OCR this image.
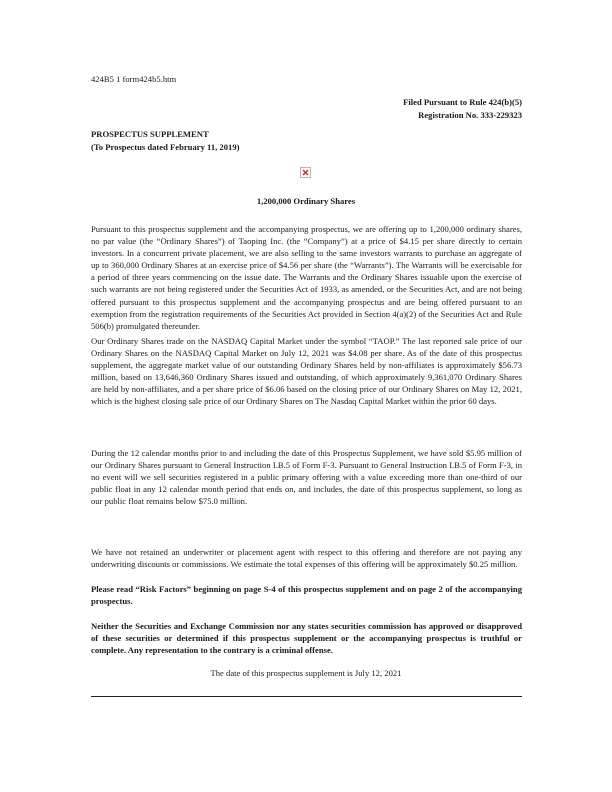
424B5 1 form424b5.htm
Filed Pursuant to Rule 424(b)(5)
Registration No. 333-229323
PROSPECTUS SUPPLEMENT
(To Prospectus dated February 11, 2019)
1,200,000 Ordinary Shares

Pursuant to this prospectus supplement and the accompanying prospectus, we are offering up to 1,200,000 ordinary shares, no par value (the “Ordinary Shares”) of Taoping Inc. (the “Company”) at a price of $4.15 per share directly to certain investors. In a concurrent private placement, we are also selling to the same investors warrants to purchase an aggregate of up to 360,000 Ordinary Shares at an exercise price of $4.56 per share (the “Warrants”). The Warrants will be exercisable for a period of three years commencing on the issue date. The Warrants and the Ordinary Shares issuable upon the exercise of such warrants are not being registered under the Securities Act of 1933, as amended, or the Securities Act, and are not being offered pursuant to this prospectus supplement and the accompanying prospectus and are being offered pursuant to an exemption from the registration requirements of the Securities Act provided in Section 4(a)(2) of the Securities Act and Rule 506(b) promulgated thereunder.

Our Ordinary Shares trade on the NASDAQ Capital Market under the symbol “TAOP.” The last reported sale price of our Ordinary Shares on the NASDAQ Capital Market on July 12, 2021 was $4.08 per share. As of the date of this prospectus supplement, the aggregate market value of our outstanding Ordinary Shares held by non-affiliates is approximately $56.73 million, based on 13,646,360 Ordinary Shares issued and outstanding, of which approximately 9,361,070 Ordinary Shares are held by non-affiliates, and a per share price of $6.06 based on the closing price of our Ordinary Shares on May 12, 2021, which is the highest closing sale price of our Ordinary Shares on The Nasdaq Capital Market within the prior 60 days.

During the 12 calendar months prior to and including the date of this Prospectus Supplement, we have sold $5.95 million of our Ordinary Shares pursuant to General Instruction I.B.5 of Form F-3. Pursuant to General Instruction I.B.5 of Form F-3, in no event will we sell securities registered in a public primary offering with a value exceeding more than one-third of our public float in any 12 calendar month period that ends on, and includes, the date of this prospectus supplement, so long as our public float remains below $75.0 million.

We have not retained an underwriter or placement agent with respect to this offering and therefore are not paying any underwriting discounts or commissions. We estimate the total expenses of this offering will be approximately $0.25 million.

Please read “Risk Factors” beginning on page S-4 of this prospectus supplement and on page 2 of the accompanying prospectus.

Neither the Securities and Exchange Commission nor any states securities commission has approved or disapproved of these securities or determined if this prospectus supplement or the accompanying prospectus is truthful or complete. Any representation to the contrary is a criminal offense.

The date of this prospectus supplement is July 12, 2021
